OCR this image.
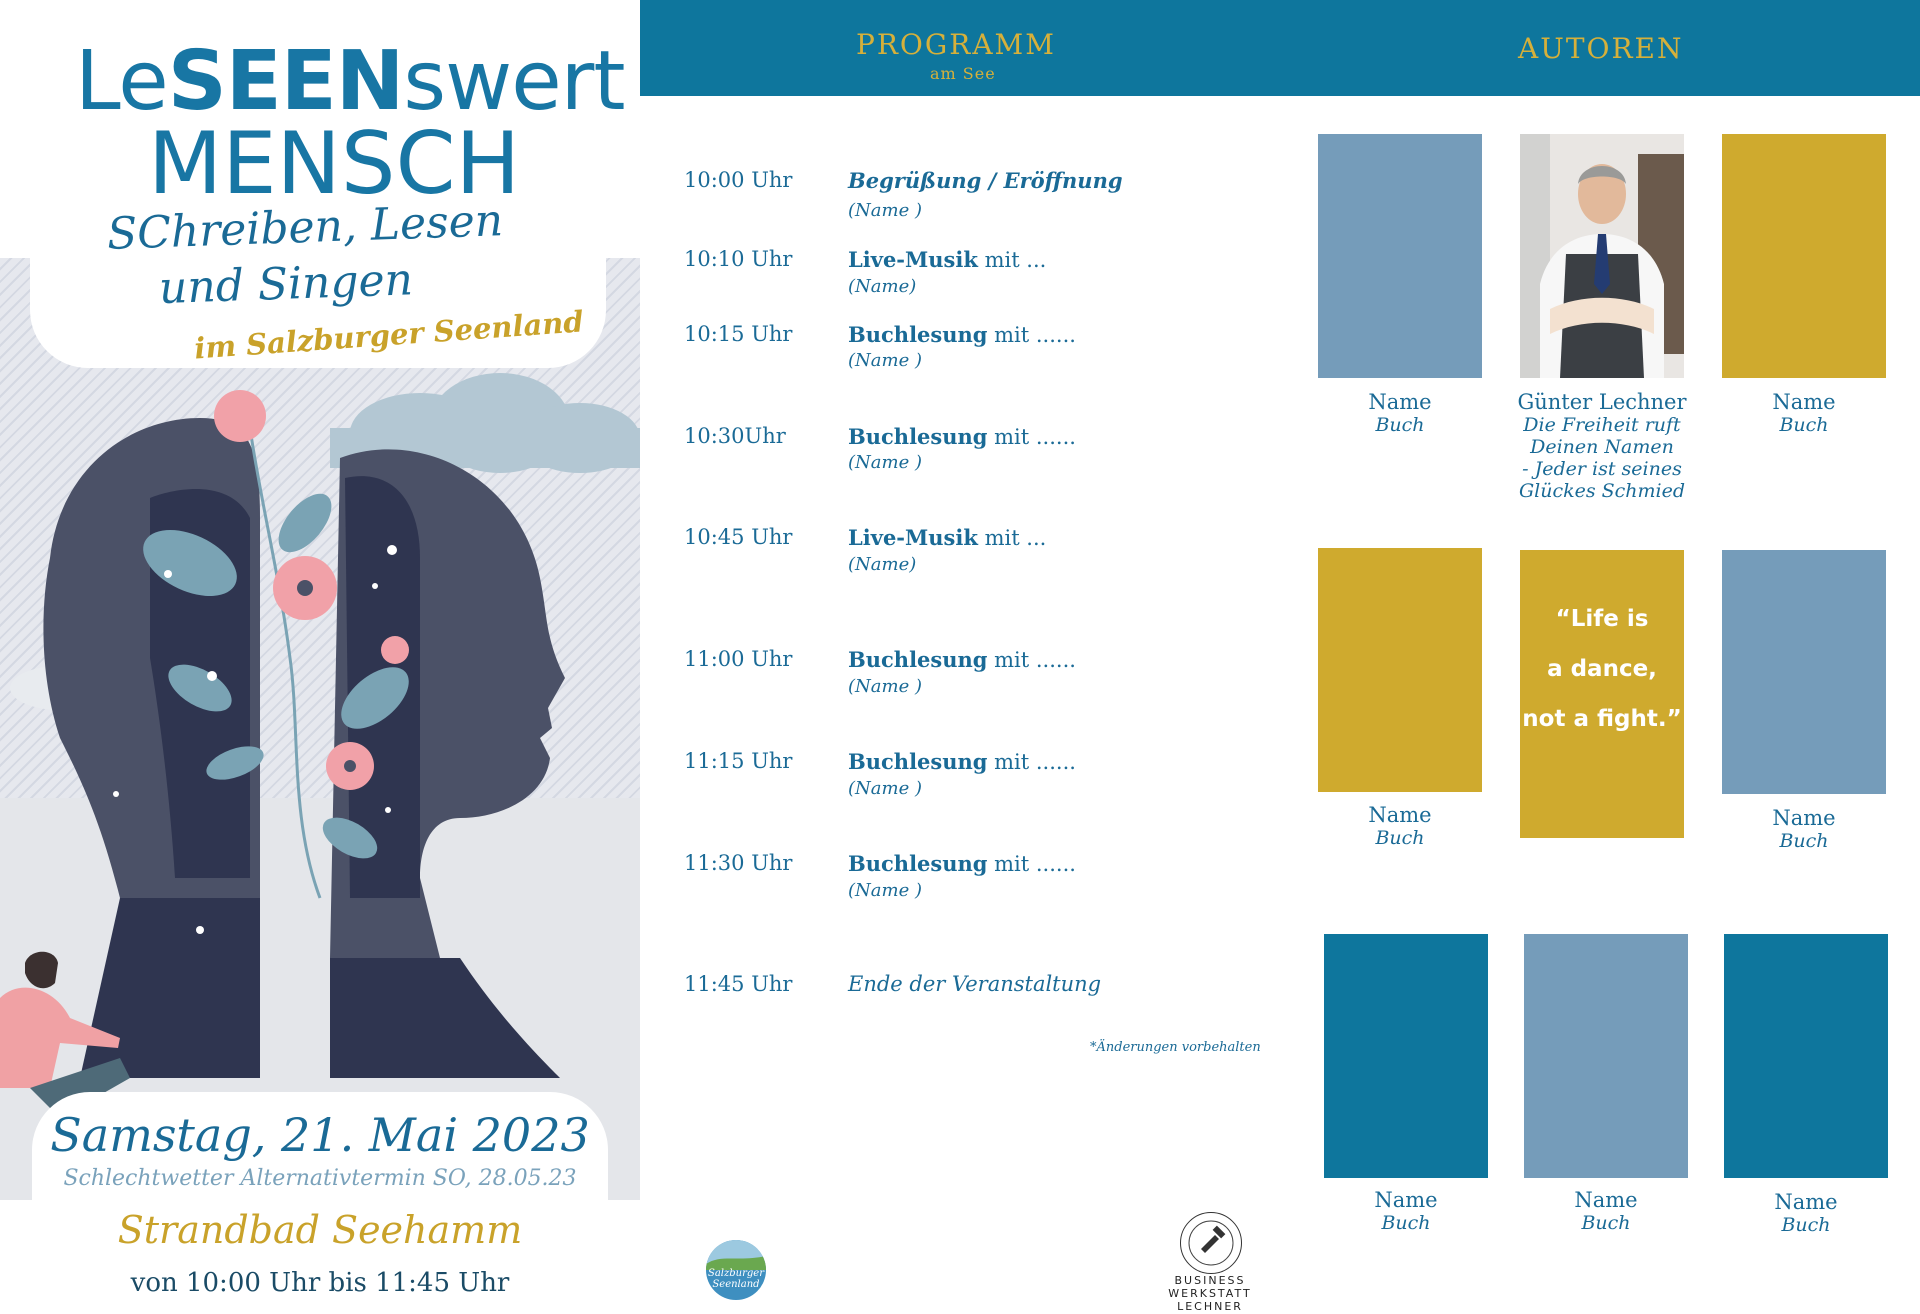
LeSEENswert
MENSCH
SChreiben, Lesen
und Singen
im Salzburger Seenland
Samstag, 21. Mai 2023
Schlechtwetter Alternativtermin SO, 28.05.23
Strandbad Seehamm
von 10:00 Uhr bis 11:45 Uhr
PROGRAMM
am See
AUTOREN
10:00 Uhr	Begrüßung / Eröffnung
(Name )
10:10 Uhr	Live-Musik mit ...
(Name)
10:15 Uhr	Buchlesung mit ......
(Name )
10:30Uhr	Buchlesung mit ......
(Name )
10:45 Uhr	Live-Musik mit ...
(Name)
11:00 Uhr	Buchlesung mit ......
(Name )
11:15 Uhr	Buchlesung mit ......
(Name )
11:30 Uhr	Buchlesung mit ......
(Name )
11:45 Uhr	Ende der Veranstaltung
*Änderungen vorbehalten
Name
Buch
Günter Lechner
Die Freiheit ruft
Deinen Namen
- Jeder ist seines
Glückes Schmied
Name
Buch
Name
Buch
“Life is
a dance,
not a fight.”
Name
Buch
Name
Buch
Name
Buch
Name
Buch
Salzburger
Seenland	BUSINESS
WERKSTATT
LECHNER
